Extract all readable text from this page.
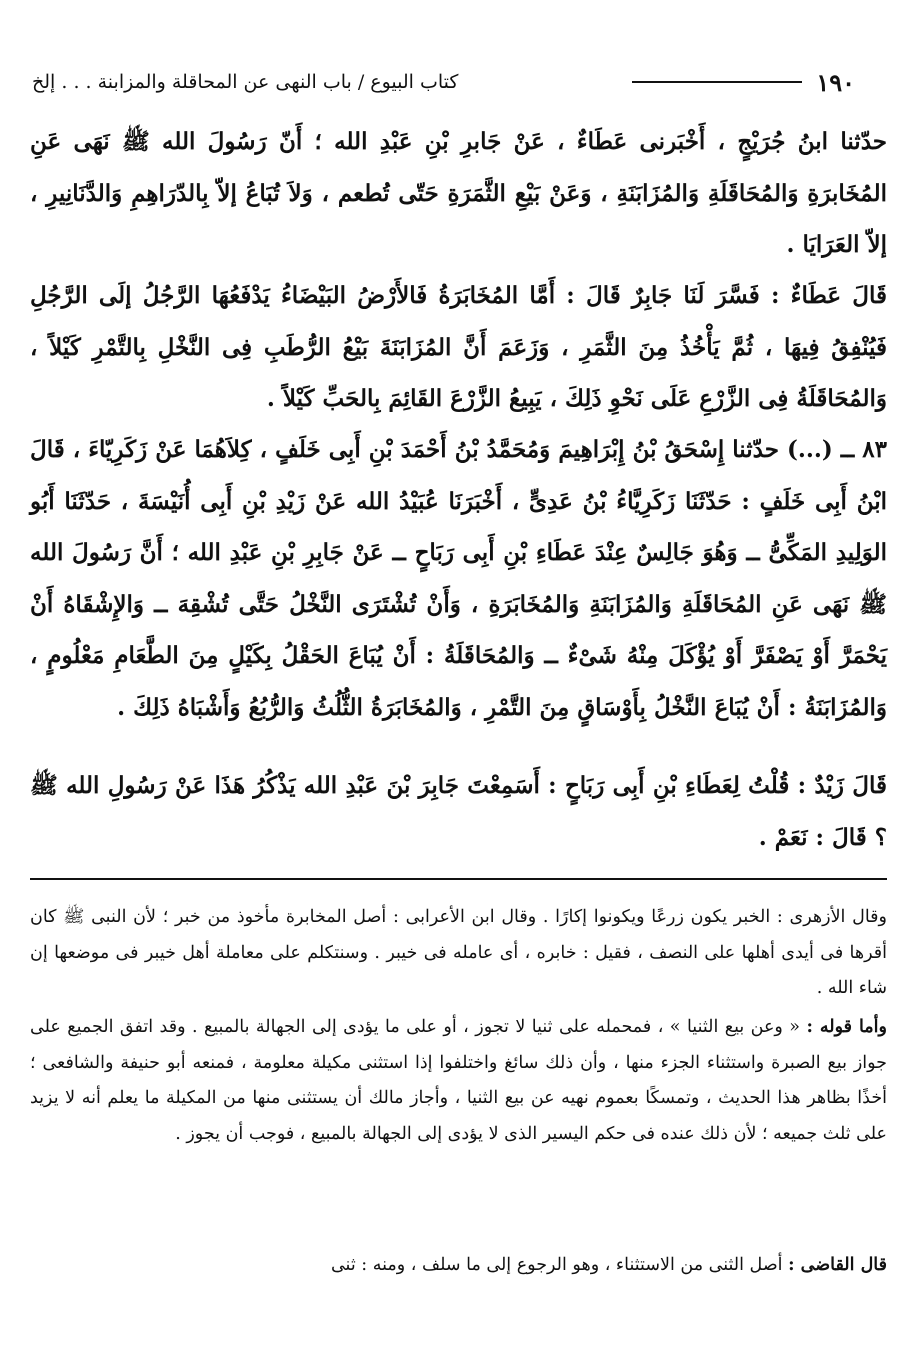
١٩٠
كتاب البيوع / باب النهى عن المحاقلة والمزابنة . . . إلخ

حدّثنا ابنُ جُرَيْجٍ ، أَخْبَرنى عَطَاءٌ ، عَنْ جَابرِ بْنِ عَبْدِ الله ؛ أَنّ رَسُولَ الله ﷺ نَهَى عَنِ المُخَابرَةِ وَالمُحَاقَلَةِ وَالمُزَابَنَةِ ، وَعَنْ بَيْعِ الثَّمَرَةِ حَتّى تُطعم ، وَلاَ تُبَاعُ إلاّ بِالدّرَاهِمِ وَالدَّنَانِيرِ ، إلاّ العَرَايَا .

قَالَ عَطَاءٌ : فَسَّرَ لَنَا جَابِرٌ قَالَ : أَمَّا المُخَابَرَةُ فَالأَرْضُ البَيْضَاءُ يَدْفَعُهَا الرَّجُلُ إلَى الرَّجُلِ فَيُنْفِقُ فِيهَا ، ثُمَّ يَأْخُذُ مِنَ الثَّمَرِ ، وَزَعَمَ أَنَّ المُزَابَنَةَ بَيْعُ الرُّطَبِ فِى النَّخْلِ بِالتَّمْرِ كَيْلاً ، وَالمُحَاقَلَةُ فِى الزَّرْعِ عَلَى نَحْوِ ذَلِكَ ، يَبِيعُ الزَّرْعَ القَائِمَ بِالحَبِّ كَيْلاً .

٨٣ ــ (...) حدّثنا إِسْحَقُ بْنُ إِبْرَاهِيمَ وَمُحَمَّدُ بْنُ أَحْمَدَ بْنِ أَبِى خَلَفٍ ، كِلاَهُمَا عَنْ زَكَرِيّاءَ ، قَالَ ابْنُ أَبِى خَلَفٍ : حَدّثَنَا زَكَرِيَّاءُ بْنُ عَدِىٍّ ، أَخْبَرَنَا عُبَيْدُ الله عَنْ زَيْدِ بْنِ أَبِى أُنَيْسَةَ ، حَدّثَنَا أَبُو الوَلِيدِ المَكِّىُّ ــ وَهُوَ جَالِسٌ عِنْدَ عَطَاءِ بْنِ أَبِى رَبَاحٍ ــ عَنْ جَابِرِ بْنِ عَبْدِ الله ؛ أَنَّ رَسُولَ الله ﷺ نَهَى عَنِ المُحَاقَلَةِ وَالمُزَابَنَةِ وَالمُخَابَرَةِ ، وَأَنْ تُشْتَرَى النَّخْلُ حَتَّى تُشْقِهَ ــ وَالإِشْقَاهُ أَنْ يَحْمَرَّ أَوْ يَصْفَرَّ أَوْ يُؤْكَلَ مِنْهُ شَىْءٌ ــ وَالمُحَاقَلَةُ : أَنْ يُبَاعَ الحَقْلُ بِكَيْلٍ مِنَ الطَّعَامِ مَعْلُومٍ ، وَالمُزَابَنَةُ : أَنْ يُبَاعَ النَّخْلُ بِأَوْسَاقٍ مِنَ التَّمْرِ ، وَالمُخَابَرَةُ الثُّلُثُ وَالرُّبُعُ وَأَشْبَاهُ ذَلِكَ .

قَالَ زَيْدٌ : قُلْتُ لِعَطَاءِ بْنِ أَبِى رَبَاحٍ : أَسَمِعْتَ جَابِرَ بْنَ عَبْدِ الله يَذْكُرُ هَذَا عَنْ رَسُولِ الله ﷺ ؟ قَالَ : نَعَمْ .

وقال الأزهرى : الخبر يكون زرعًا ويكونوا إكارًا . وقال ابن الأعرابى : أصل المخابرة مأخوذ من خبر ؛ لأن النبى ﷺ كان أقرها فى أيدى أهلها على النصف ، فقيل : خابره ، أى عامله فى خيبر . وسنتكلم على معاملة أهل خيبر فى موضعها إن شاء الله .

وأما قوله : « وعن بيع الثنيا » ، فمحمله على ثنيا لا تجوز ، أو على ما يؤدى إلى الجهالة بالمبيع . وقد اتفق الجميع على جواز بيع الصبرة واستثناء الجزء منها ، وأن ذلك سائغ واختلفوا إذا استثنى مكيلة معلومة ، فمنعه أبو حنيفة والشافعى ؛ أخذًا بظاهر هذا الحديث ، وتمسكًا بعموم نهيه عن بيع الثنيا ، وأجاز مالك أن يستثنى منها من المكيلة ما يعلم أنه لا يزيد على ثلث جميعه ؛ لأن ذلك عنده فى حكم اليسير الذى لا يؤدى إلى الجهالة بالمبيع ، فوجب أن يجوز .

قال القاضى : أصل الثنى من الاستثناء ، وهو الرجوع إلى ما سلف ، ومنه : ثنى
